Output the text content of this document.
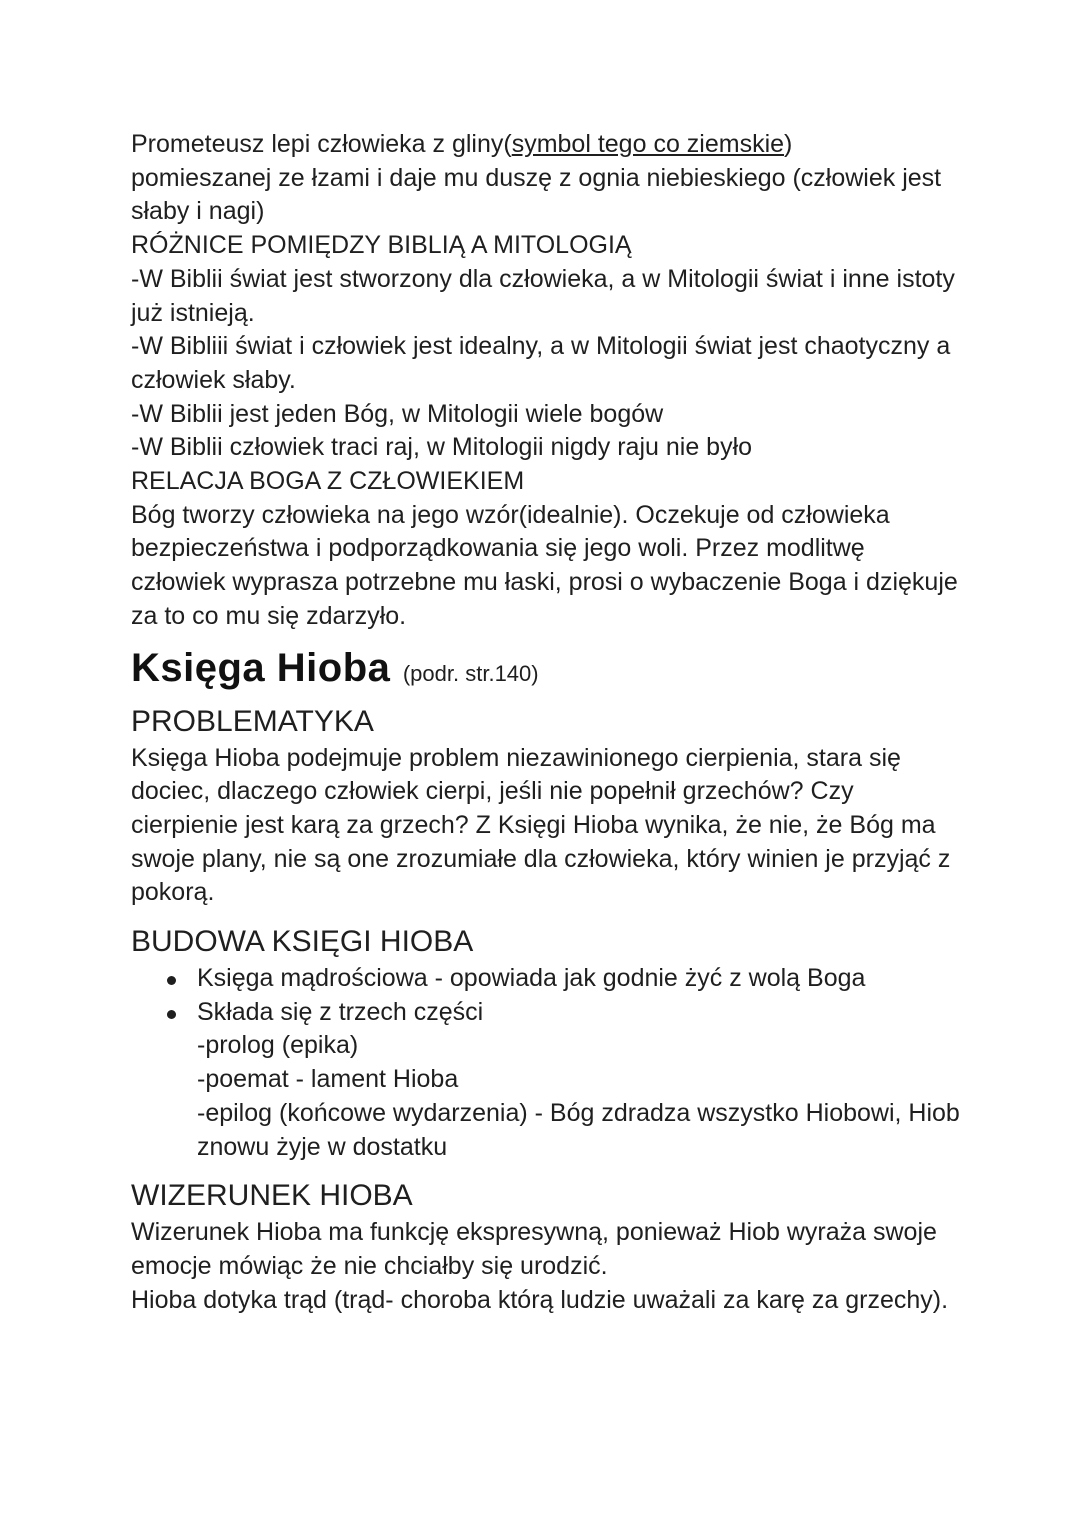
Prometeusz lepi człowieka z gliny(symbol tego co ziemskie)
pomieszanej ze łzami i daje mu duszę z ognia niebieskiego (człowiek jest słaby i nagi)

RÓŻNICE POMIĘDZY BIBLIĄ A MITOLOGIĄ

-W Biblii świat jest stworzony dla człowieka, a w Mitologii świat i inne istoty już istnieją.

-W Bibliii świat i człowiek jest idealny, a w Mitologii świat jest chaotyczny a człowiek słaby.

-W Biblii jest jeden Bóg, w Mitologii wiele bogów

-W Biblii człowiek traci raj, w Mitologii nigdy raju nie było

RELACJA BOGA Z CZŁOWIEKIEM

Bóg tworzy człowieka na jego wzór(idealnie). Oczekuje od człowieka bezpieczeństwa i podporządkowania się jego woli. Przez modlitwę człowiek wyprasza potrzebne mu łaski, prosi o wybaczenie Boga i dziękuje za to co mu się zdarzyło.

Księga Hioba (podr. str.140)

PROBLEMATYKA

Księga Hioba podejmuje problem niezawinionego cierpienia, stara się dociec, dlaczego człowiek cierpi, jeśli nie popełnił grzechów? Czy cierpienie jest karą za grzech? Z Księgi Hioba wynika, że nie, że Bóg ma swoje plany, nie są one zrozumiałe dla człowieka, który winien je przyjąć z pokorą.

BUDOWA KSIĘGI HIOBA

Księga mądrościowa - opowiada jak godnie żyć z wolą Boga
Składa się z trzech części

-prolog (epika)

-poemat - lament Hioba

-epilog (końcowe wydarzenia) - Bóg zdradza wszystko Hiobowi, Hiob znowu żyje w dostatku

WIZERUNEK HIOBA

Wizerunek Hioba ma funkcję ekspresywną, ponieważ Hiob wyraża swoje emocje mówiąc że nie chciałby się urodzić.

Hioba dotyka trąd (trąd- choroba którą ludzie uważali za karę za grzechy).
